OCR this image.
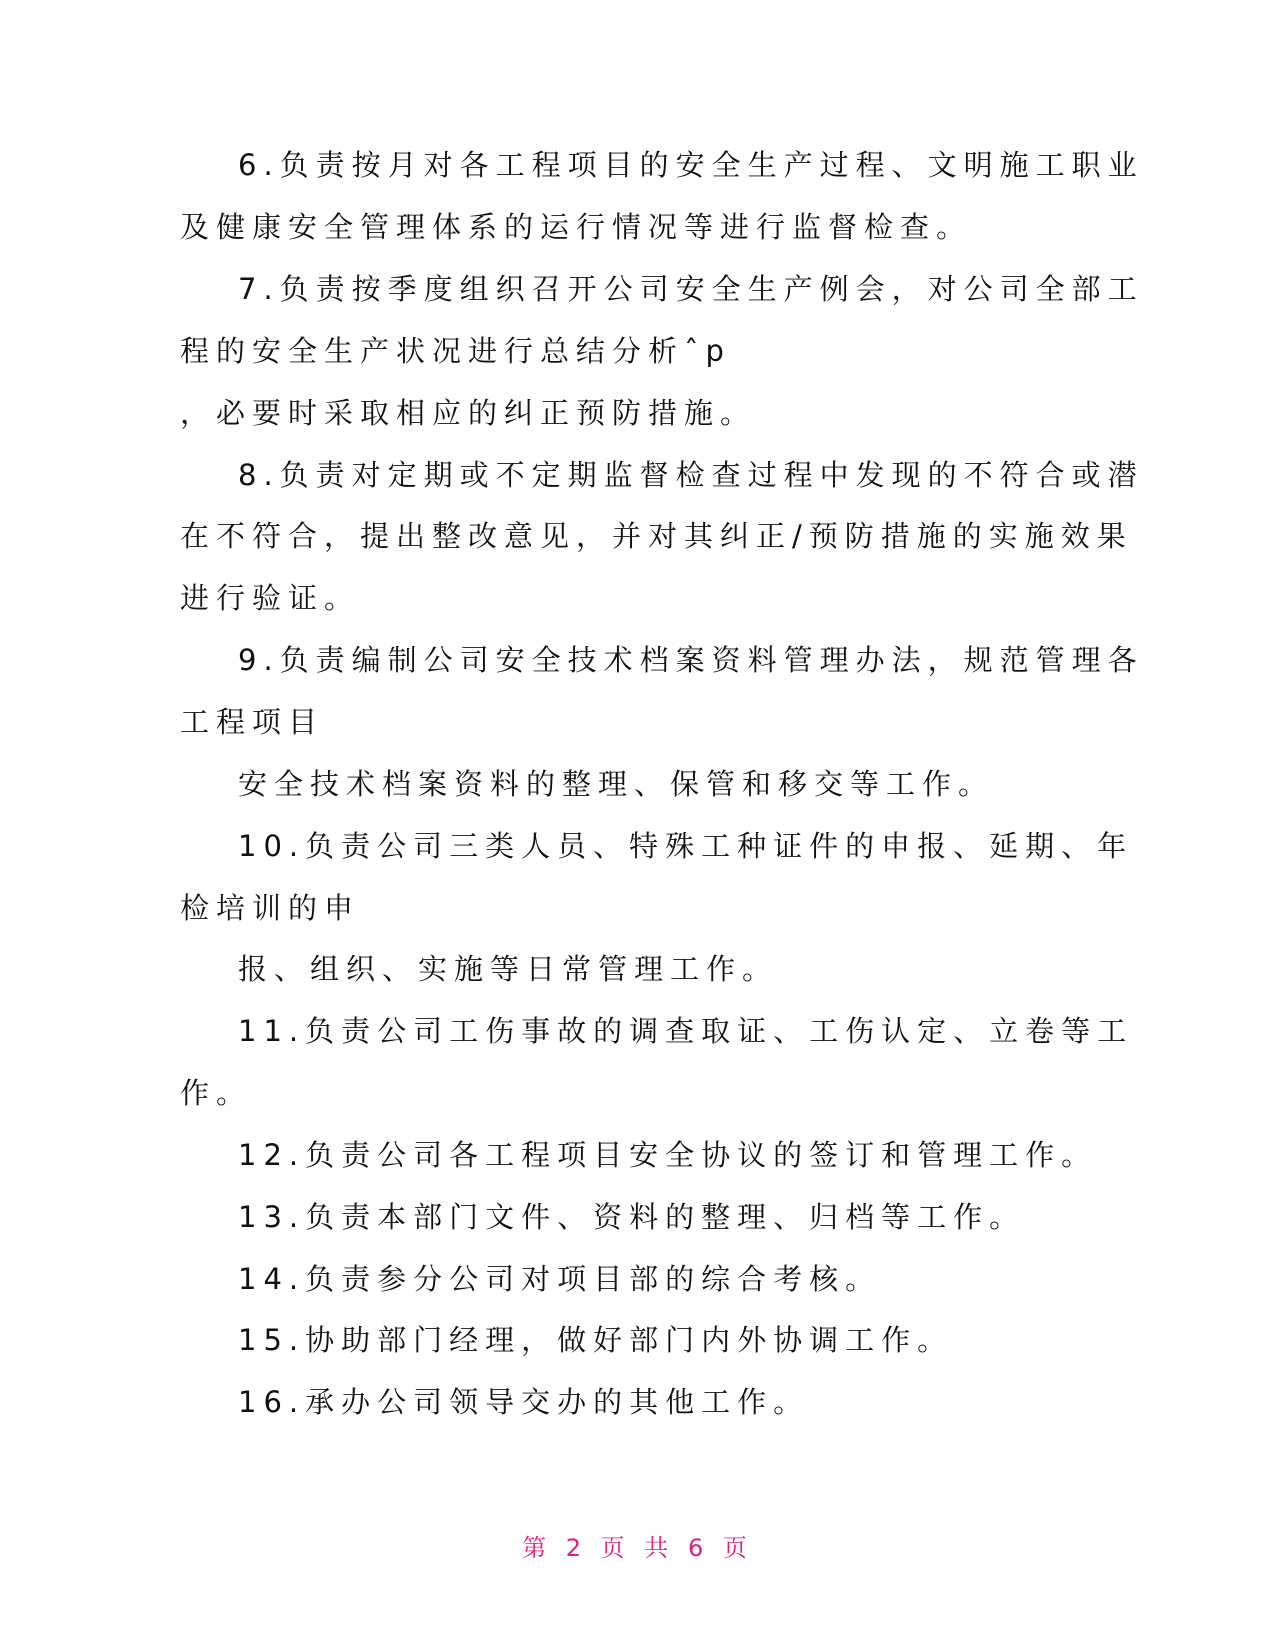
6.负责按月对各工程项目的安全生产过程、文明施工职业
及健康安全管理体系的运行情况等进行监督检查。
7.负责按季度组织召开公司安全生产例会，对公司全部工
程的安全生产状况进行总结分析ˆp
，必要时采取相应的纠正预防措施。
8.负责对定期或不定期监督检查过程中发现的不符合或潜
在不符合，提出整改意见，并对其纠正/预防措施的实施效果
进行验证。
9.负责编制公司安全技术档案资料管理办法，规范管理各
工程项目
安全技术档案资料的整理、保管和移交等工作。
10.负责公司三类人员、特殊工种证件的申报、延期、年
检培训的申
报、组织、实施等日常管理工作。
11.负责公司工伤事故的调查取证、工伤认定、立卷等工
作。
12.负责公司各工程项目安全协议的签订和管理工作。
13.负责本部门文件、资料的整理、归档等工作。
14.负责参分公司对项目部的综合考核。
15.协助部门经理，做好部门内外协调工作。
16.承办公司领导交办的其他工作。
第 2 页 共 6 页
